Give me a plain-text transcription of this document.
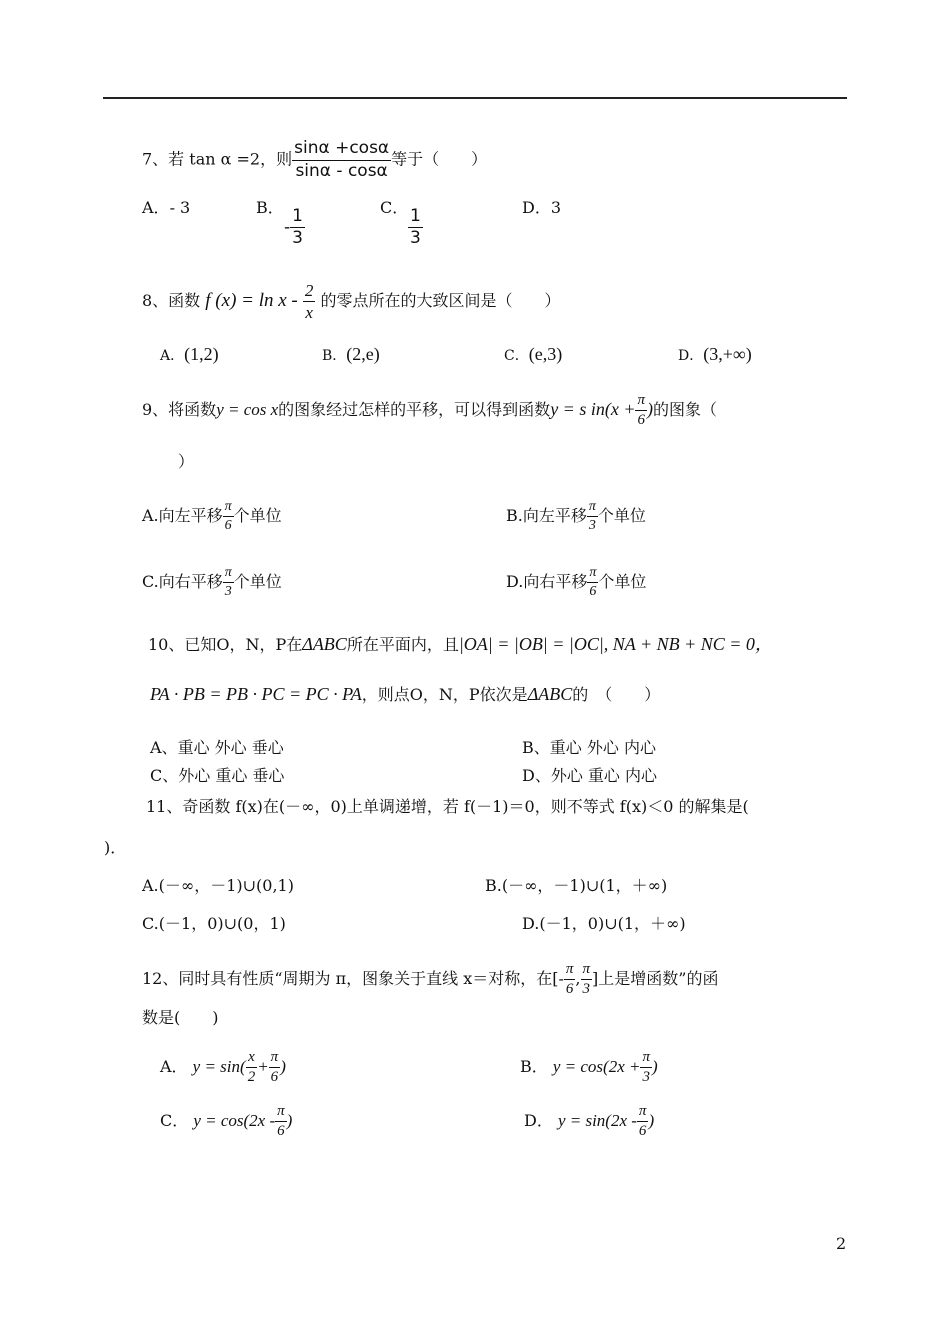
7、若 tan α =2，则 $\frac{\sin\alpha +\cos\alpha}{\sin\alpha - \cos\alpha}$ 等于（　　）
A．- 3	B．
- $\frac{1}{3}$
C．
$\frac{1}{3}$
D．3
8、函数 f $(x) = \ln x - \frac{2}{x}$ 的零点所在的大致区间是（　　）
A．(1,2)	B．(2,e)	C．(e,3)	D．(3,+∞)
9、将函数y = cos x的图象经过怎样的平移，可以得到函数y = s $in(x + \frac{\pi}{6}$ )的图象（
）
A.向左平移 $\frac{\pi}{6}$ 个单位	B.向左平移 $\frac{\pi}{3}$ 个单位
C.向右平移 $\frac{\pi}{3}$ 个单位	D.向右平移 $\frac{\pi}{6}$ 个单位
10、已知O，N，P在ΔABC所在平面内，且|OA| = |OB| = |OC|, NA + NB + NC = 0，
PA · PB = PB · PC = PC · PA，则点O，N，P依次是ΔABC的　（　　）
A、重心 外心 垂心	B、重心 外心 内心
C、外心 重心 垂心	D、外心 重心 内心
11、奇函数 f(x)在(－∞，0)上单调递增，若 f(－1)＝0，则不等式 f(x)＜0 的解集是(
)．
A.(－∞，－1)∪(0,1)	B.(－∞，－1)∪(1，＋∞)
C.(－1，0)∪(0，1)	D.(－1，0)∪(1，＋∞)
12、同时具有性质“周期为 π，图象关于直线 x＝对称，在[- $\frac{\pi}{6}$ , $\frac{\pi}{3}$ ]上是增函数”的函
数是(　　)
A． $y = \sin( \frac{x}{2} + \frac{\pi}{6}$ )	B． $y = \cos(2x + \frac{\pi}{3}$ )
C． $y = \cos(2x - \frac{\pi}{6}$ )	D． $y = \sin(2x - \frac{\pi}{6}$ )
2
